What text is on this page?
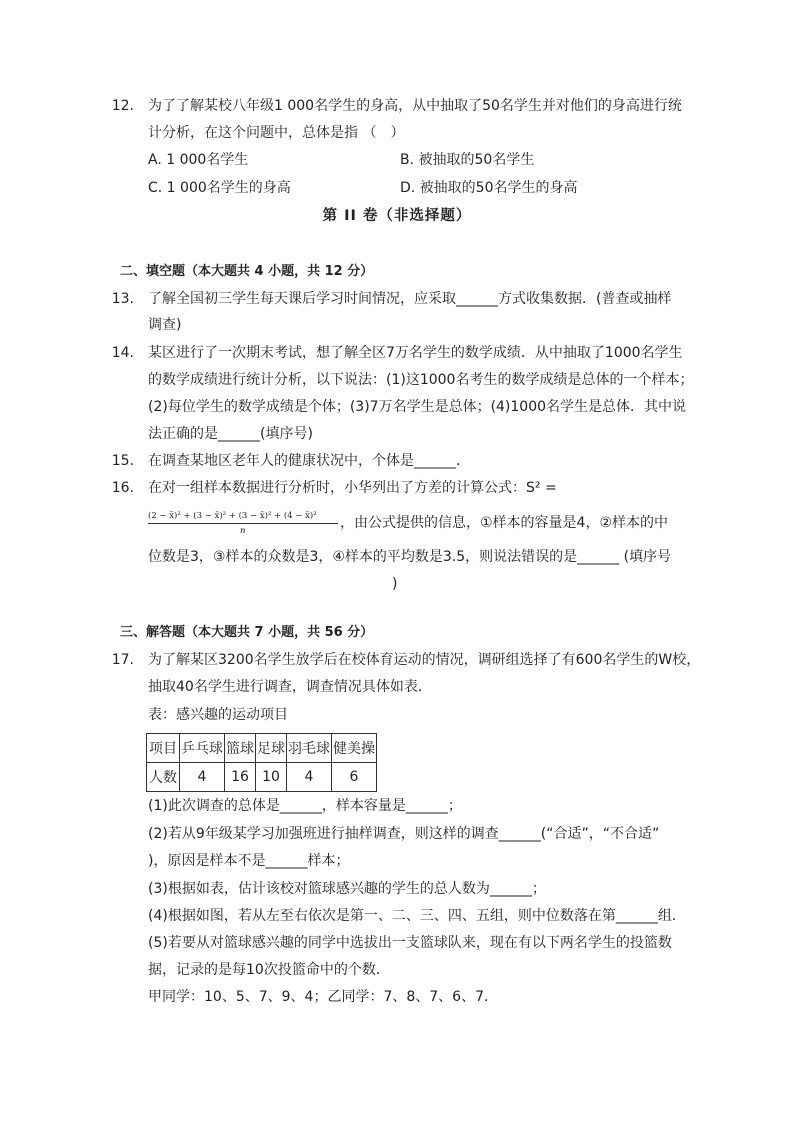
12. 为了了解某校八年级1 000名学生的身高，从中抽取了50名学生并对他们的身高进行统
计分析，在这个问题中，总体是指 （　）
A. 1 000名学生	B. 被抽取的50名学生
C. 1 000名学生的身高	D. 被抽取的50名学生的身高
第 II 卷（非选择题）
二、填空题（本大题共 4 小题，共 12 分）
13. 了解全国初三学生每天课后学习时间情况，应采取______方式收集数据．(普查或抽样
调查)
14. 某区进行了一次期末考试，想了解全区7万名学生的数学成绩．从中抽取了1000名学生
的数学成绩进行统计分析，以下说法：(1)这1000名考生的数学成绩是总体的一个样本；
(2)每位学生的数学成绩是个体；(3)7万名学生是总体；(4)1000名学生是总体．其中说
法正确的是______(填序号)
15. 在调查某地区老年人的健康状况中，个体是______．
16. 在对一组样本数据进行分析时，小华列出了方差的计算公式：S² =
(2 − x̄)² + (3 − x̄)² + (3 − x̄)² + (4 − x̄)²
n	，由公式提供的信息，①样本的容量是4，②样本的中
位数是3，③样本的众数是3，④样本的平均数是3.5，则说法错误的是______ (填序号
)
三、解答题（本大题共 7 小题，共 56 分）
17. 为了解某区3200名学生放学后在校体育运动的情况，调研组选择了有600名学生的W校，
抽取40名学生进行调查，调查情况具体如表．
表：感兴趣的运动项目
项目	乒乓球	篮球	足球	羽毛球	健美操
人数	4	16	10	4	6
(1)此次调查的总体是______，样本容量是______；
(2)若从9年级某学习加强班进行抽样调查，则这样的调查______(“合适”，“不合适”
)，原因是样本不是______样本；
(3)根据如表，估计该校对篮球感兴趣的学生的总人数为______；
(4)根据如图，若从左至右依次是第一、二、三、四、五组，则中位数落在第______组．
(5)若要从对篮球感兴趣的同学中选拔出一支篮球队来，现在有以下两名学生的投篮数
据，记录的是每10次投篮命中的个数．
甲同学：10、5、7、9、4；乙同学：7、8、7、6、7．
